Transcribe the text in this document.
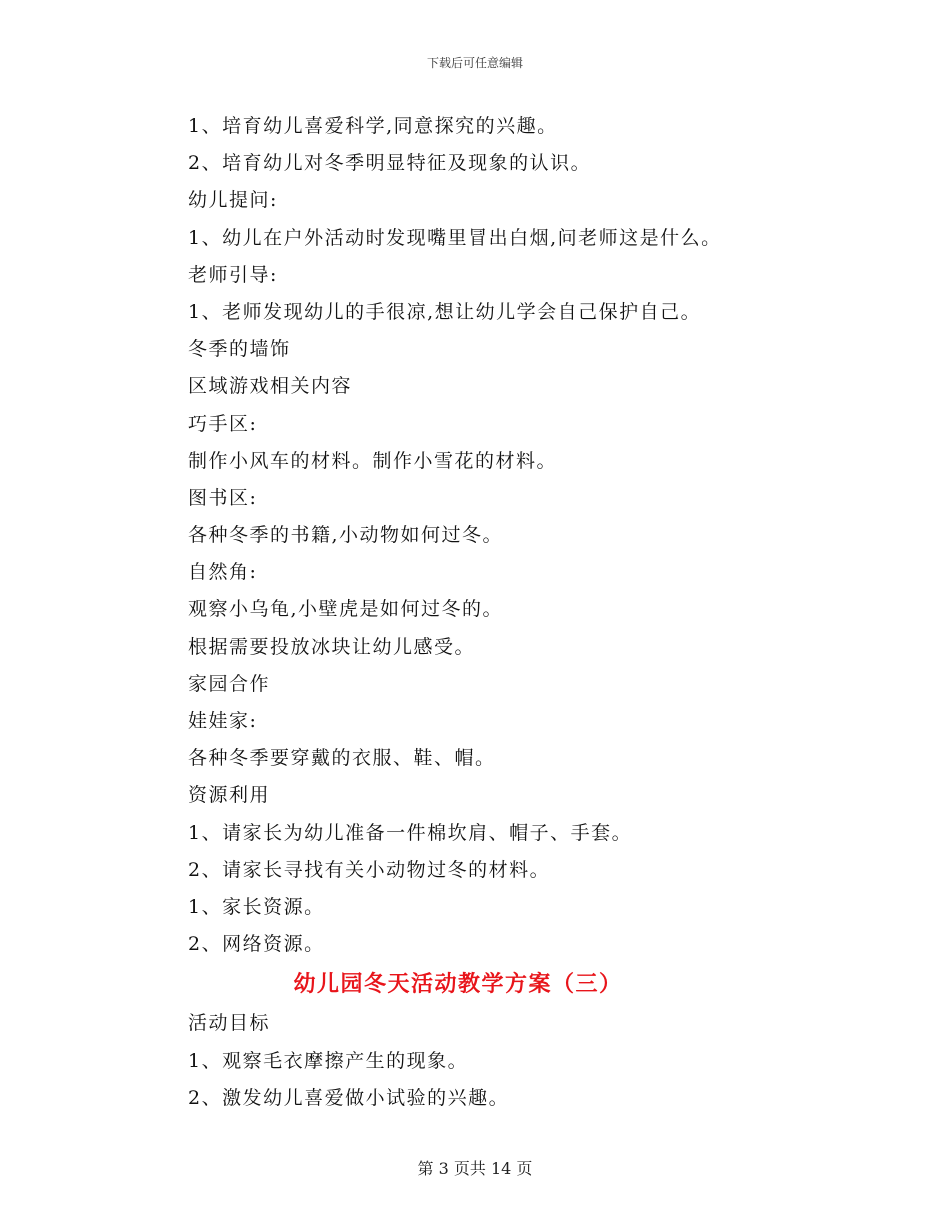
下载后可任意编辑
1、培育幼儿喜爱科学,同意探究的兴趣。
2、培育幼儿对冬季明显特征及现象的认识。
幼儿提问:
1、幼儿在户外活动时发现嘴里冒出白烟,问老师这是什么。
老师引导:
1、老师发现幼儿的手很凉,想让幼儿学会自己保护自己。
冬季的墙饰
区域游戏相关内容
巧手区:
制作小风车的材料。制作小雪花的材料。
图书区:
各种冬季的书籍,小动物如何过冬。
自然角:
观察小乌龟,小壁虎是如何过冬的。
根据需要投放冰块让幼儿感受。
家园合作
娃娃家:
各种冬季要穿戴的衣服、鞋、帽。
资源利用
1、请家长为幼儿准备一件棉坎肩、帽子、手套。
2、请家长寻找有关小动物过冬的材料。
1、家长资源。
2、网络资源。
幼儿园冬天活动教学方案（三）
活动目标
1、观察毛衣摩擦产生的现象。
2、激发幼儿喜爱做小试验的兴趣。
第 3 页共 14 页
